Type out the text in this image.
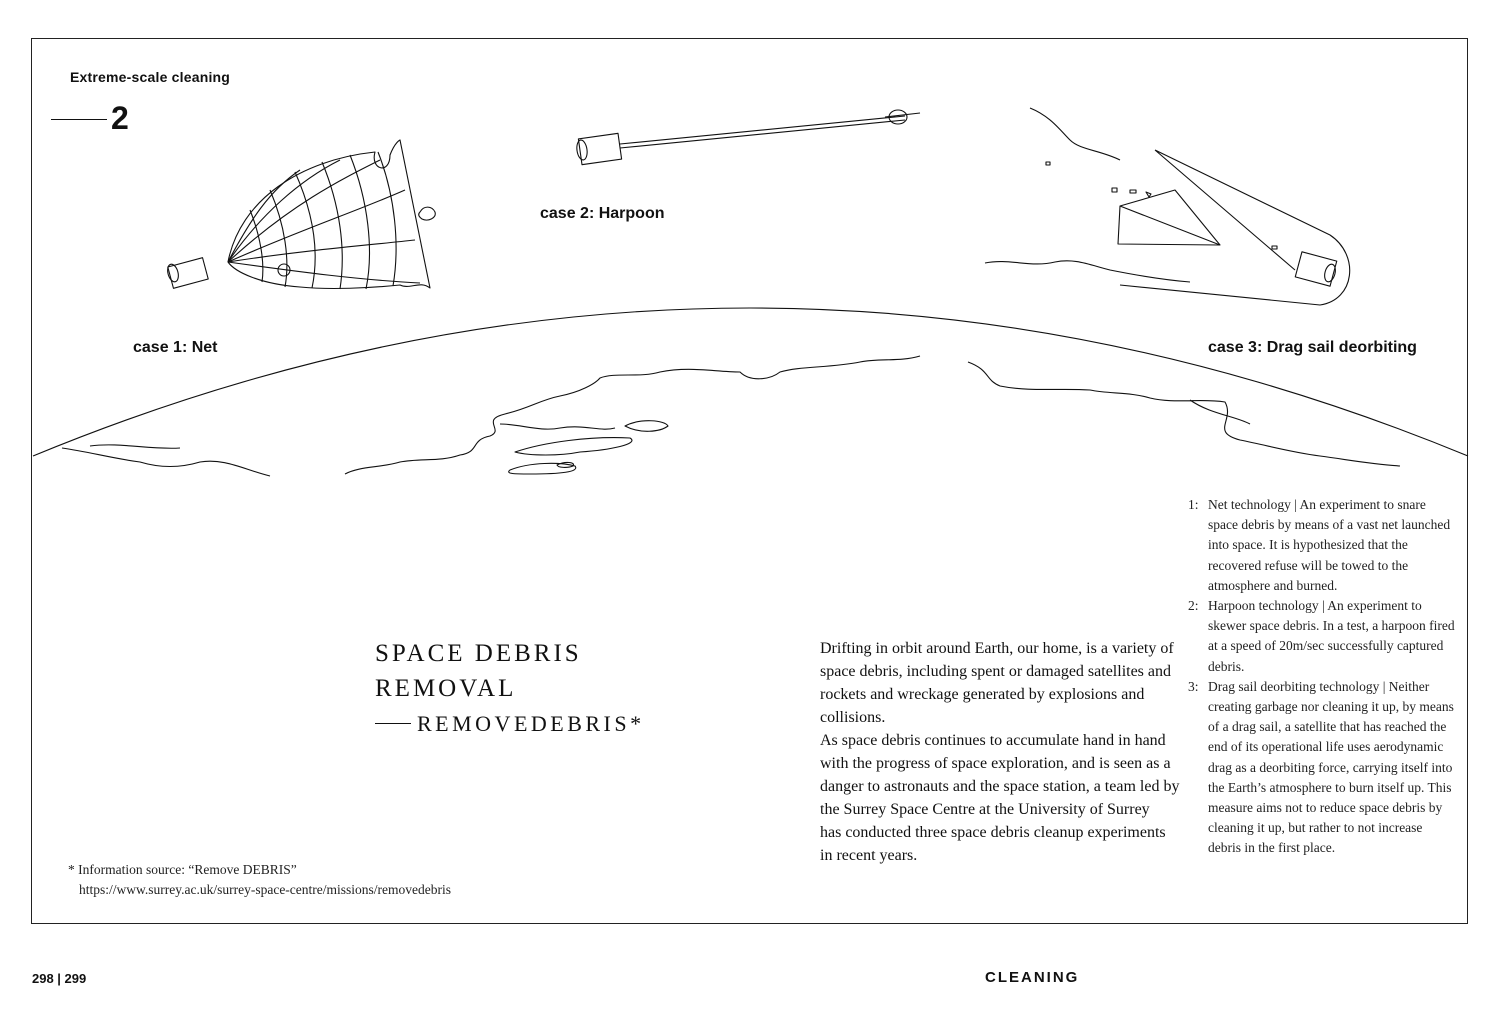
Extreme-scale cleaning
2
case 1: Net
case 2: Harpoon
case 3: Drag sail deorbiting
SPACE DEBRIS
REMOVAL
REMOVEDEBRIS*

Drifting in orbit around Earth, our home, is a variety of space debris, including spent or damaged satellites and rockets and wreckage generated by explosions and collisions.

As space debris continues to accumulate hand in hand with the progress of space exploration, and is seen as a danger to astronauts and the space station, a team led by the Surrey Space Centre at the University of Surrey

has conducted three space debris cleanup experiments in recent years.

1: Net technology | An experiment to snare space debris by means of a vast net launched into space. It is hypothesized that the recovered refuse will be towed to the atmosphere and burned.
2: Harpoon technology | An experiment to skewer space debris. In a test, a harpoon fired at a speed of 20m/sec successfully captured debris.
3: Drag sail deorbiting technology | Neither creating garbage nor cleaning it up, by means of a drag sail, a satellite that has reached the end of its operational life uses aerodynamic drag as a deorbiting force, carrying itself into the Earth’s atmosphere to burn itself up. This measure aims not to reduce space debris by cleaning it up, but rather to not increase debris in the first place.
* Information source: “Remove DEBRIS”
https://www.surrey.ac.uk/surrey-space-centre/missions/removedebris
298 | 299	CLEANING
